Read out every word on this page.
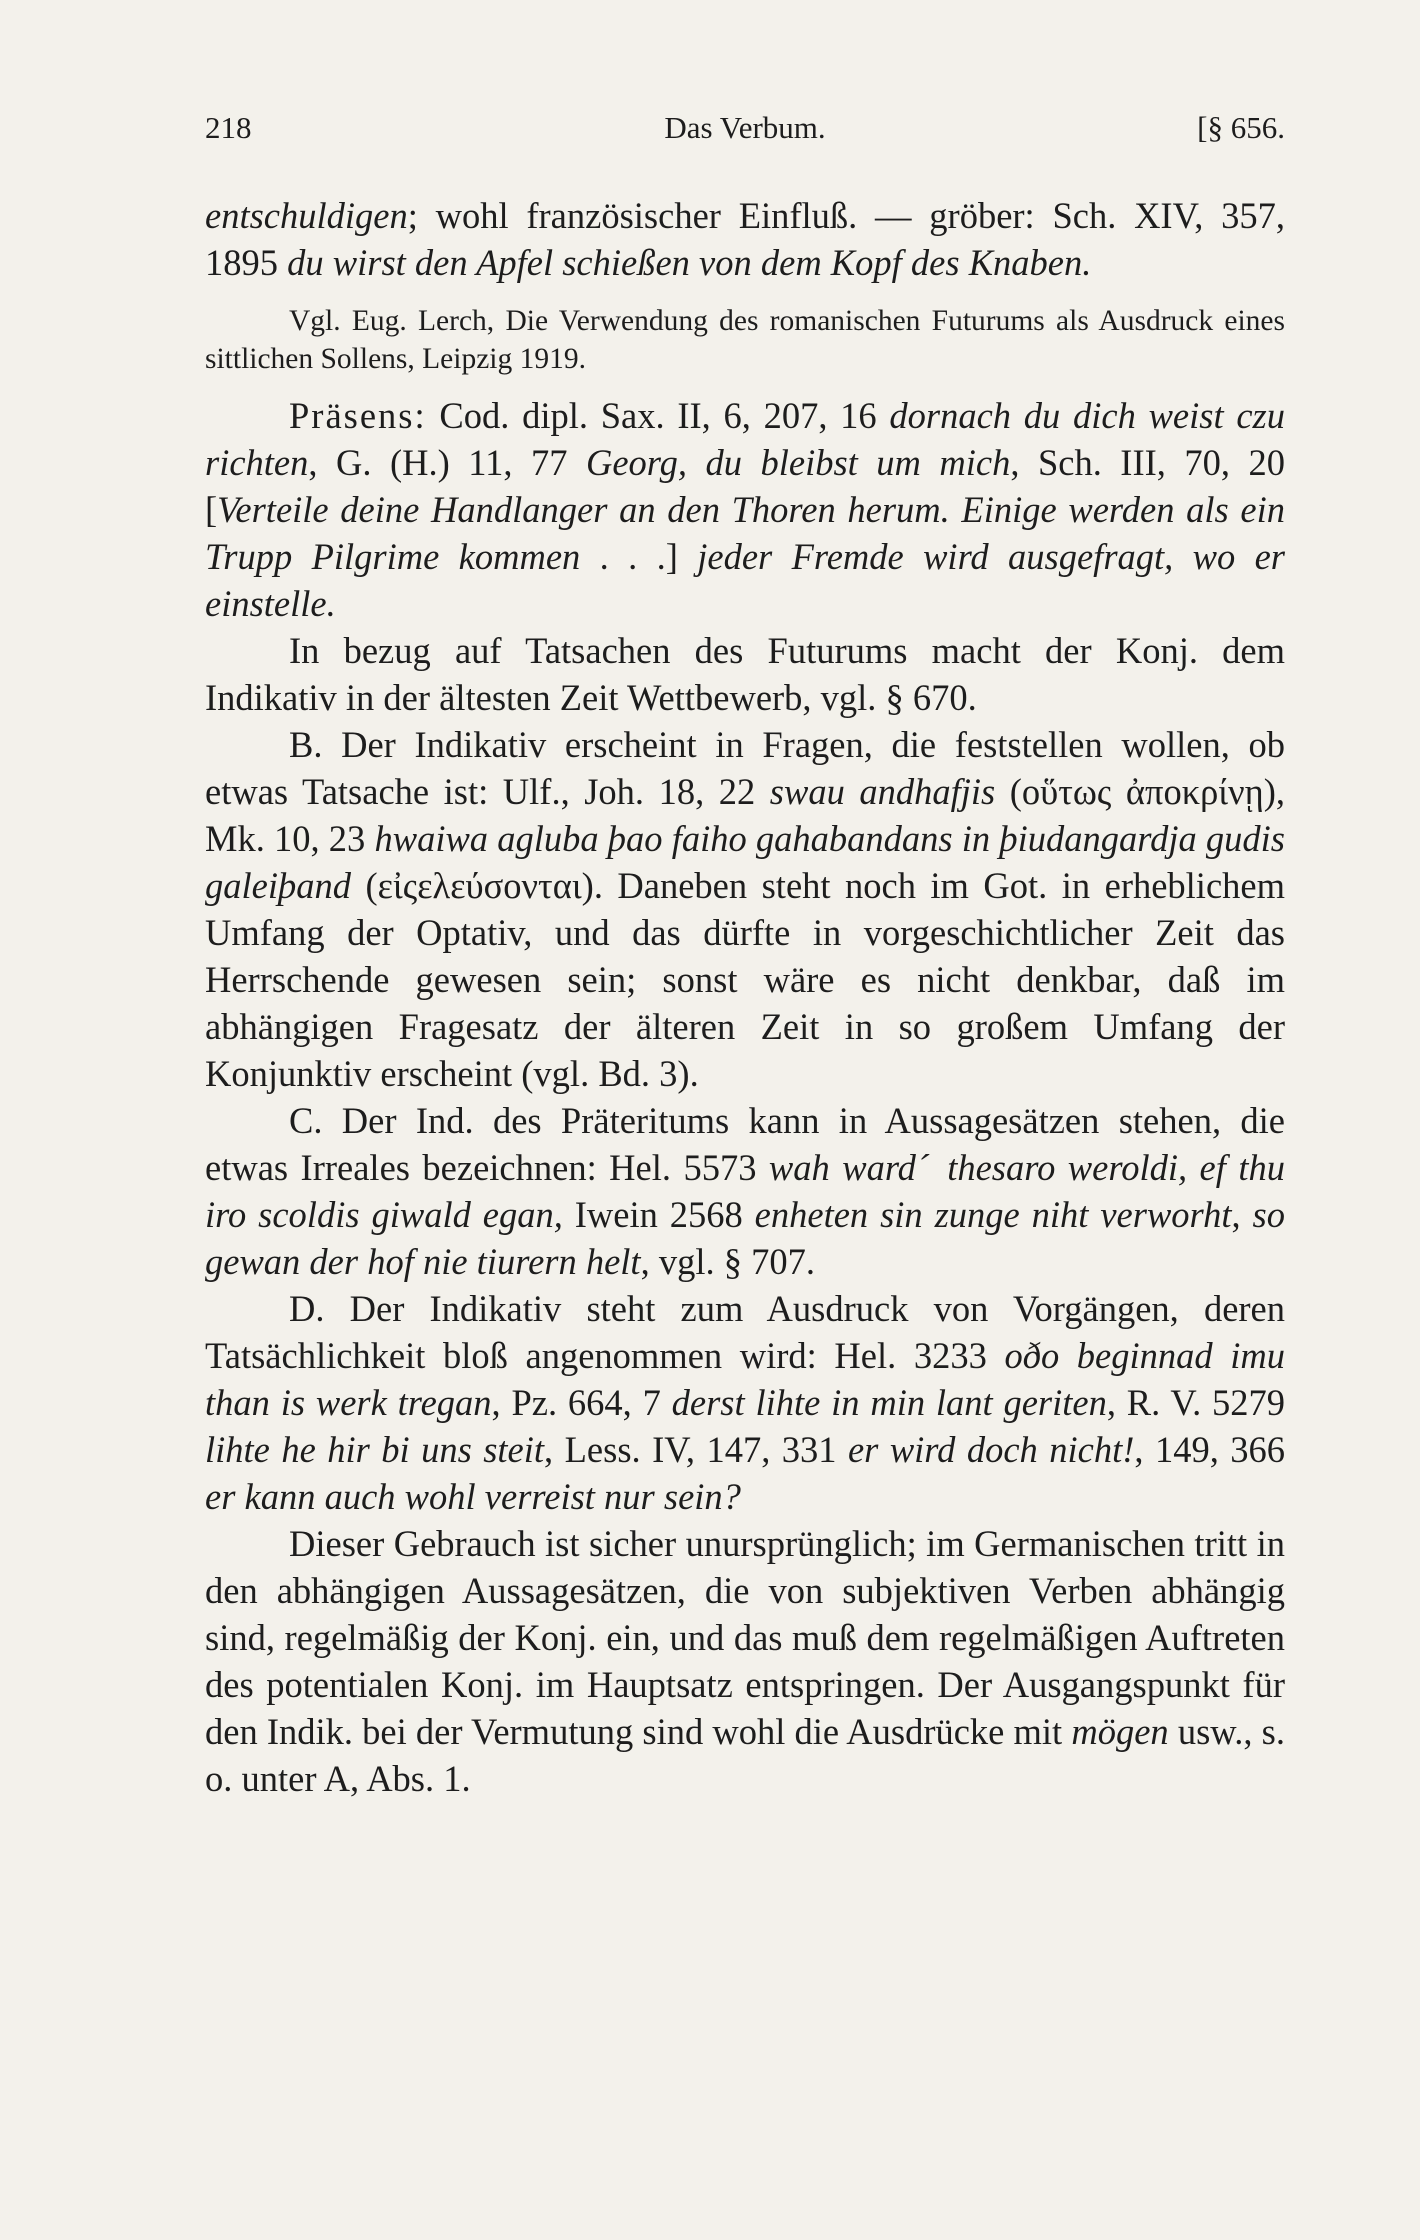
218	Das Verbum.	[§ 656.

entschuldigen; wohl französischer Einfluß. — gröber: Sch. XIV, 357, 1895 du wirst den Apfel schießen von dem Kopf des Knaben.

Vgl. Eug. Lerch, Die Verwendung des romanischen Futurums als Ausdruck eines sittlichen Sollens, Leipzig 1919.

Präsens: Cod. dipl. Sax. II, 6, 207, 16 dornach du dich weist czu richten, G. (H.) 11, 77 Georg, du bleibst um mich, Sch. III, 70, 20 [Verteile deine Handlanger an den Thoren herum. Einige werden als ein Trupp Pilgrime kommen . . .] jeder Fremde wird ausgefragt, wo er einstelle.

In bezug auf Tatsachen des Futurums macht der Konj. dem Indikativ in der ältesten Zeit Wettbewerb, vgl. § 670.

B. Der Indikativ erscheint in Fragen, die feststellen wollen, ob etwas Tatsache ist: Ulf., Joh. 18, 22 swau andhafjis (οὕτως ἀποκρίνῃ), Mk. 10, 23 hwaiwa agluba þao faiho gahabandans in þiudangardja gudis galeiþand (εἰςελεύσονται). Daneben steht noch im Got. in erheblichem Umfang der Optativ, und das dürfte in vorgeschichtlicher Zeit das Herrschende gewesen sein; sonst wäre es nicht denkbar, daß im abhängigen Fragesatz der älteren Zeit in so großem Umfang der Konjunktiv erscheint (vgl. Bd. 3).

C. Der Ind. des Präteritums kann in Aussagesätzen stehen, die etwas Irreales bezeichnen: Hel. 5573 wah wardˊ thesaro weroldi, ef thu iro scoldis giwald egan, Iwein 2568 enheten sin zunge niht verworht, so gewan der hof nie tiurern helt, vgl. § 707.

D. Der Indikativ steht zum Ausdruck von Vorgängen, deren Tatsächlichkeit bloß angenommen wird: Hel. 3233 oðo beginnad imu than is werk tregan, Pz. 664, 7 derst lihte in min lant geriten, R. V. 5279 lihte he hir bi uns steit, Less. IV, 147, 331 er wird doch nicht!, 149, 366 er kann auch wohl verreist nur sein?

Dieser Gebrauch ist sicher unursprünglich; im Germanischen tritt in den abhängigen Aussagesätzen, die von subjektiven Verben abhängig sind, regelmäßig der Konj. ein, und das muß dem regelmäßigen Auftreten des potentialen Konj. im Hauptsatz entspringen. Der Ausgangspunkt für den Indik. bei der Vermutung sind wohl die Ausdrücke mit mögen usw., s. o. unter A, Abs. 1.
